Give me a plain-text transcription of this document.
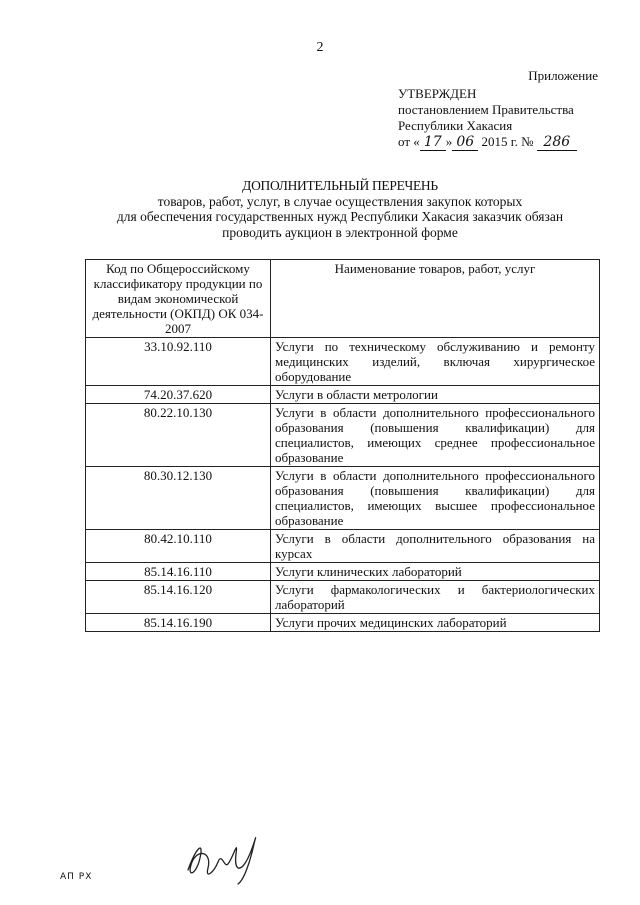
2
Приложение
УТВЕРЖДЕН
постановлением Правительства
Республики Хакасия
от « 17 » 06 2015 г. № 286
ДОПОЛНИТЕЛЬНЫЙ ПЕРЕЧЕНЬ
товаров, работ, услуг, в случае осуществления закупок которых
для обеспечения государственных нужд Республики Хакасия заказчик обязан
проводить аукцион в электронной форме
Код по Общероссийскому классификатору продукции по видам экономической деятельности (ОКПД) ОК 034-2007	Наименование товаров, работ, услуг
33.10.92.110	Услуги по техническому обслуживанию и ремонту медицинских изделий, включая хирургическое оборудование
74.20.37.620	Услуги в области метрологии
80.22.10.130	Услуги в области дополнительного профессионального образования (повышения квалификации) для специалистов, имеющих среднее профессиональное образование
80.30.12.130	Услуги в области дополнительного профессионального образования (повышения квалификации) для специалистов, имеющих высшее профессиональное образование
80.42.10.110	Услуги в области дополнительного образования на курсах
85.14.16.110	Услуги клинических лабораторий
85.14.16.120	Услуги фармакологических и бактериологических лабораторий
85.14.16.190	Услуги прочих медицинских лабораторий
АП РХ
